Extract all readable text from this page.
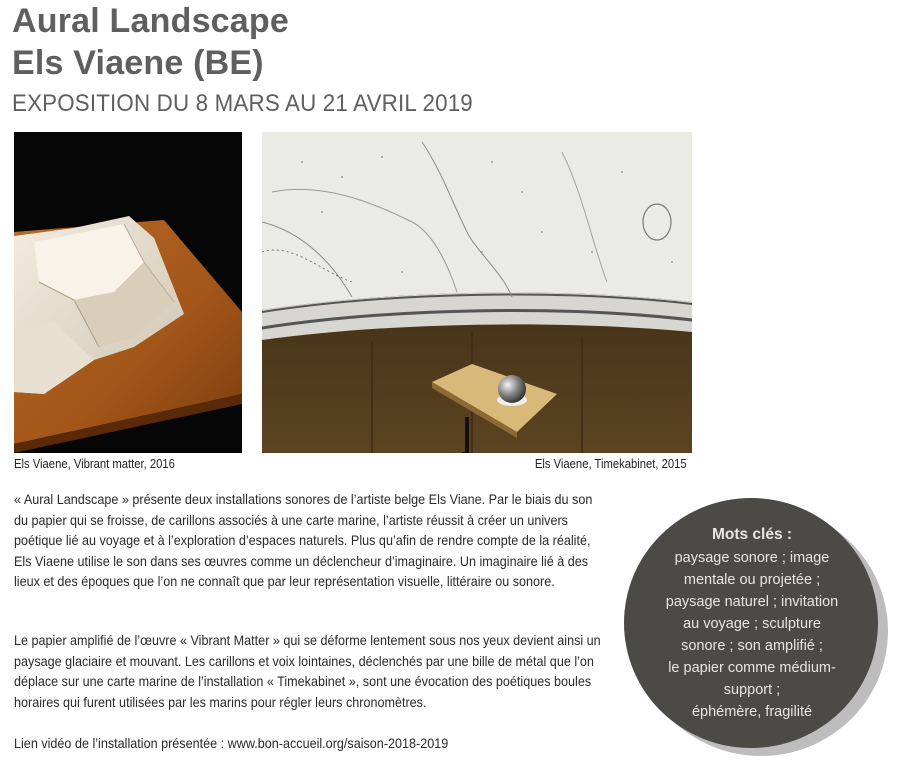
Aural Landscape
Els Viaene (BE)
EXPOSITION DU 8 MARS AU 21 AVRIL 2019
Els Viaene, Vibrant matter, 2016	Els Viaene, Timekabinet, 2015

« Aural Landscape » présente deux installations sonores de l’artiste belge Els Viane. Par le biais du son du papier qui se froisse, de carillons associés à une carte marine, l’artiste réussit à créer un univers poétique lié au voyage et à l’exploration d’espaces naturels. Plus qu’afin de rendre compte de la réalité, Els Viaene utilise le son dans ses œuvres comme un déclencheur d’imaginaire. Un imaginaire lié à des lieux et des époques que l’on ne connaît que par leur représentation visuelle, littéraire ou sonore.

Le papier amplifié de l’œuvre « Vibrant Matter » qui se déforme lentement sous nos yeux devient ainsi un paysage glaciaire et mouvant. Les carillons et voix lointaines, déclenchés par une bille de métal que l’on déplace sur une carte marine de l’installation « Timekabinet », sont une évocation des poétiques boules horaires qui furent utilisées par les marins pour régler leurs chronomètres.

Lien vidéo de l’installation présentée : www.bon-accueil.org/saison-2018-2019

Mots clés :
paysage sonore ; image
mentale ou projetée ;
paysage naturel ; invitation
au voyage ; sculpture
sonore ; son amplifié ;
le papier comme médium-
support ;
éphémère, fragilité
